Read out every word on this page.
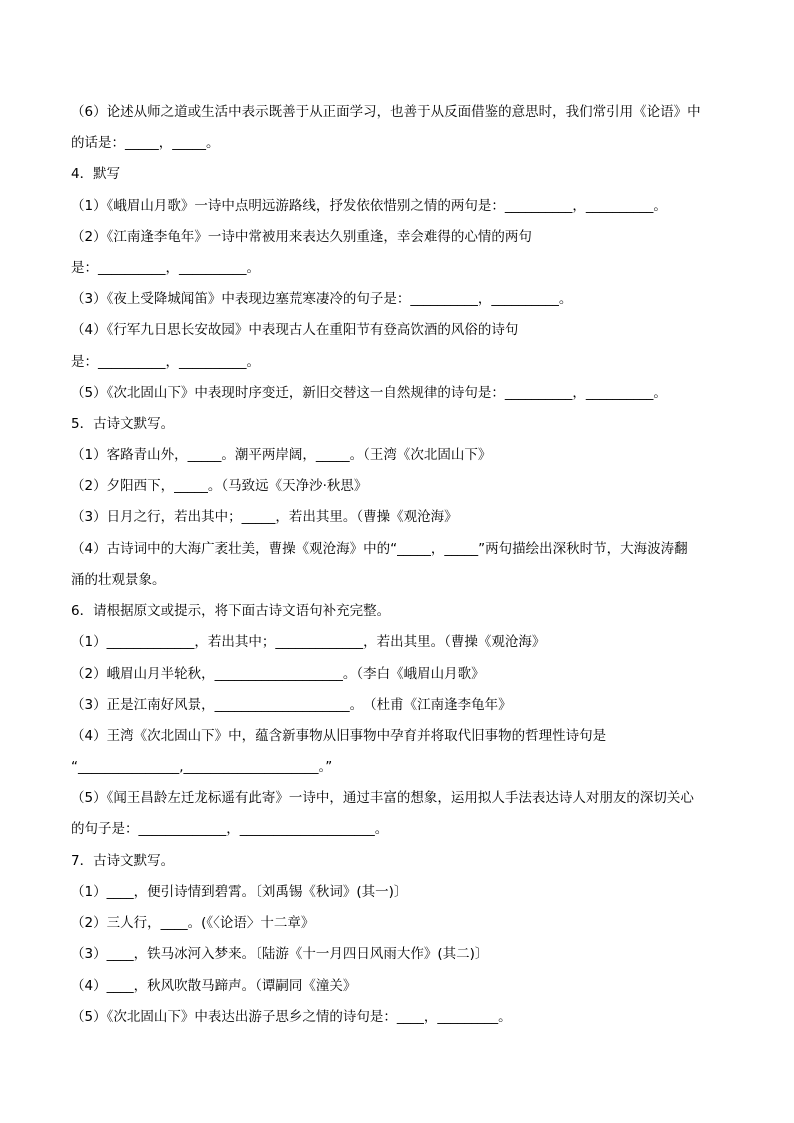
（6）论述从师之道或生活中表示既善于从正面学习，也善于从反面借鉴的意思时，我们常引用《论语》中
的话是：_____，_____。
4．默写
（1）《峨眉山月歌》一诗中点明远游路线，抒发依依惜别之情的两句是：__________，__________。
（2）《江南逢李龟年》一诗中常被用来表达久别重逢，幸会难得的心情的两句
是：__________，__________。
（3）《夜上受降城闻笛》中表现边塞荒寒凄冷的句子是：__________，__________。
（4）《行军九日思长安故园》中表现古人在重阳节有登高饮酒的风俗的诗句
是：__________，__________。
（5）《次北固山下》中表现时序变迁，新旧交替这一自然规律的诗句是：__________，__________。
5．古诗文默写。
（1）客路青山外，_____。潮平两岸阔，_____。（王湾《次北固山下》
（2）夕阳西下，_____。（马致远《天净沙·秋思》
（3）日月之行，若出其中；_____，若出其里。（曹操《观沧海》
（4）古诗词中的大海广袤壮美，曹操《观沧海》中的“_____，_____”两句描绘出深秋时节，大海波涛翻
涌的壮观景象。
6．请根据原文或提示，将下面古诗文语句补充完整。
（1）_____________，若出其中；_____________，若出其里。（曹操《观沧海》
（2）峨眉山月半轮秋，___________________。（李白《峨眉山月歌》
（3）正是江南好风景，____________________。　（杜甫《江南逢李龟年》
（4）王湾《次北固山下》中，蕴含新事物从旧事物中孕育并将取代旧事物的哲理性诗句是
“_______________,____________________。”
（5）《闻王昌龄左迁龙标遥有此寄》一诗中，通过丰富的想象，运用拟人手法表达诗人对朋友的深切关心
的句子是：_____________，____________________。
7．古诗文默写。
（1）____，便引诗情到碧霄。〔刘禹锡《秋词》(其一)〕
（2）三人行，____。(《〈论语〉十二章》
（3）____，铁马冰河入梦来。〔陆游《十一月四日风雨大作》(其二)〕
（4）____，秋风吹散马蹄声。（谭嗣同《潼关》
（5）《次北固山下》中表达出游子思乡之情的诗句是：____，_________。
